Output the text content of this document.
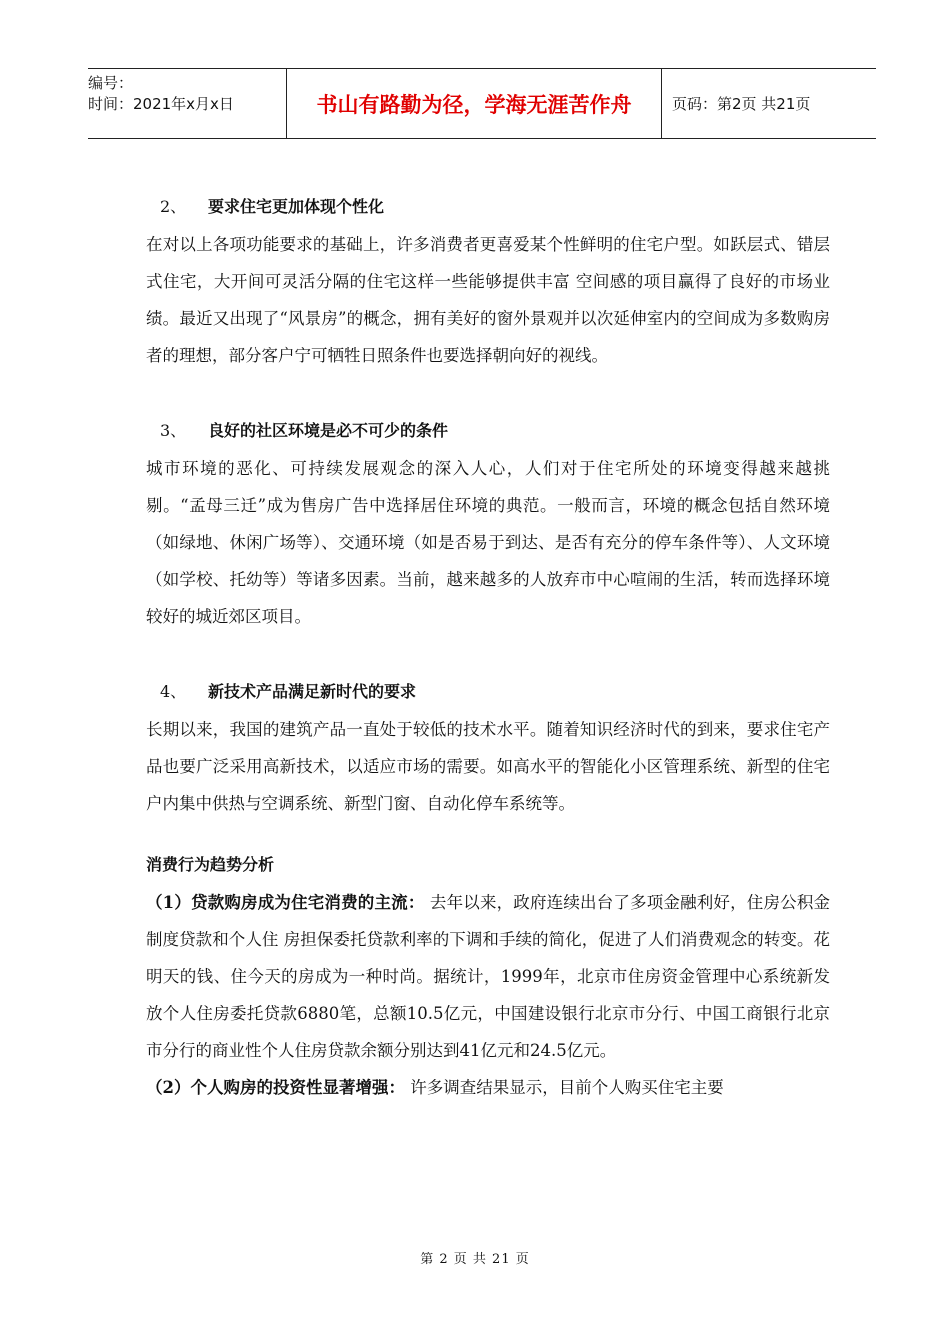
编号：
时间：2021年x月x日	书山有路勤为径，学海无涯苦作舟	页码：第2页 共21页
2、 要求住宅更加体现个性化
在对以上各项功能要求的基础上，许多消费者更喜爱某个性鲜明的住宅户型。如跃层式、错层式住宅，大开间可灵活分隔的住宅这样一些能够提供丰富 空间感的项目赢得了良好的市场业绩。最近又出现了“风景房”的概念，拥有美好的窗外景观并以次延伸室内的空间成为多数购房者的理想，部分客户宁可牺牲日照条件也要选择朝向好的视线。
3、 良好的社区环境是必不可少的条件
城市环境的恶化、可持续发展观念的深入人心，人们对于住宅所处的环境变得越来越挑剔。“孟母三迁”成为售房广告中选择居住环境的典范。一般而言，环境的概念包括自然环境（如绿地、休闲广场等）、交通环境（如是否易于到达、是否有充分的停车条件等）、人文环境（如学校、托幼等）等诸多因素。当前，越来越多的人放弃市中心喧闹的生活，转而选择环境较好的城近郊区项目。
4、 新技术产品满足新时代的要求
长期以来，我国的建筑产品一直处于较低的技术水平。随着知识经济时代的到来，要求住宅产品也要广泛采用高新技术，以适应市场的需要。如高水平的智能化小区管理系统、新型的住宅户内集中供热与空调系统、新型门窗、自动化停车系统等。
消费行为趋势分析
（1）贷款购房成为住宅消费的主流： 去年以来，政府连续出台了多项金融利好，住房公积金制度贷款和个人住 房担保委托贷款利率的下调和手续的简化，促进了人们消费观念的转变。花明天的钱、住今天的房成为一种时尚。据统计，1999年，北京市住房资金管理中心系统新发放个人住房委托贷款6880笔，总额10.5亿元，中国建设银行北京市分行、中国工商银行北京市分行的商业性个人住房贷款余额分别达到41亿元和24.5亿元。
（2）个人购房的投资性显著增强： 许多调查结果显示，目前个人购买住宅主要
第 2 页 共 21 页
